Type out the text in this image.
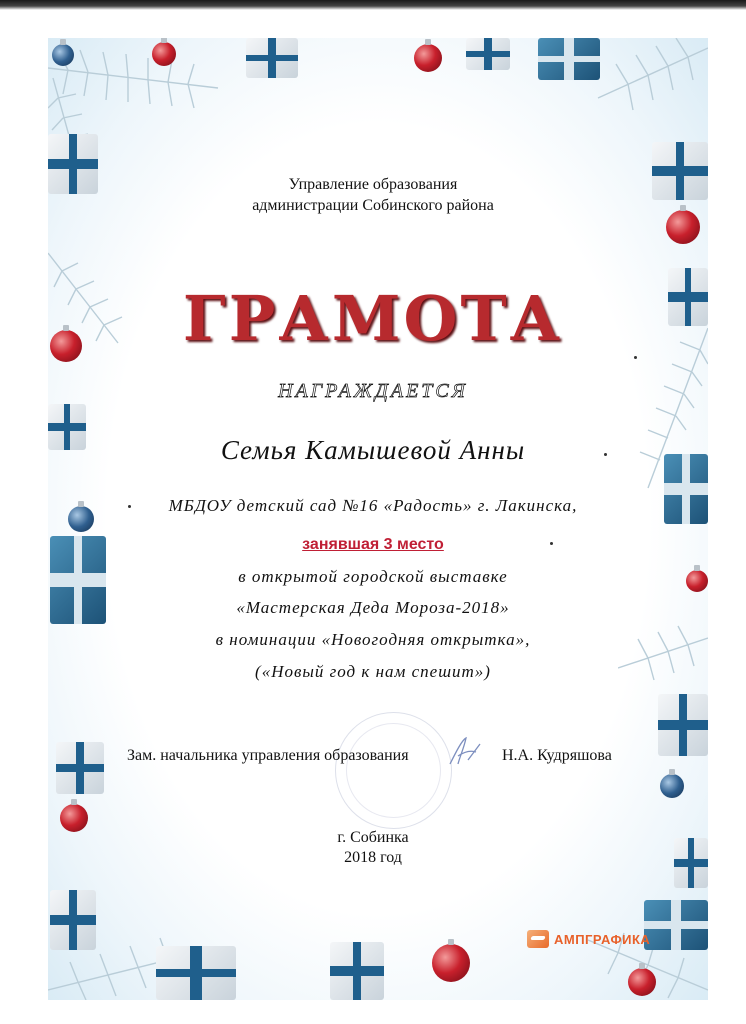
Управление образования
администрации Собинского района
ГРАМОТА
НАГРАЖДАЕТСЯ
Семья Камышевой Анны
МБДОУ детский сад №16 «Радость» г. Лакинска,
занявшая 3 место
в открытой городской выставке
«Мастерская Деда Мороза-2018»
в номинации «Новогодняя открытка»,
(«Новый год к нам спешит»)
Зам. начальника управления образования	Н.А. Кудряшова
г. Собинка
2018 год
АМПГРАФИКА
